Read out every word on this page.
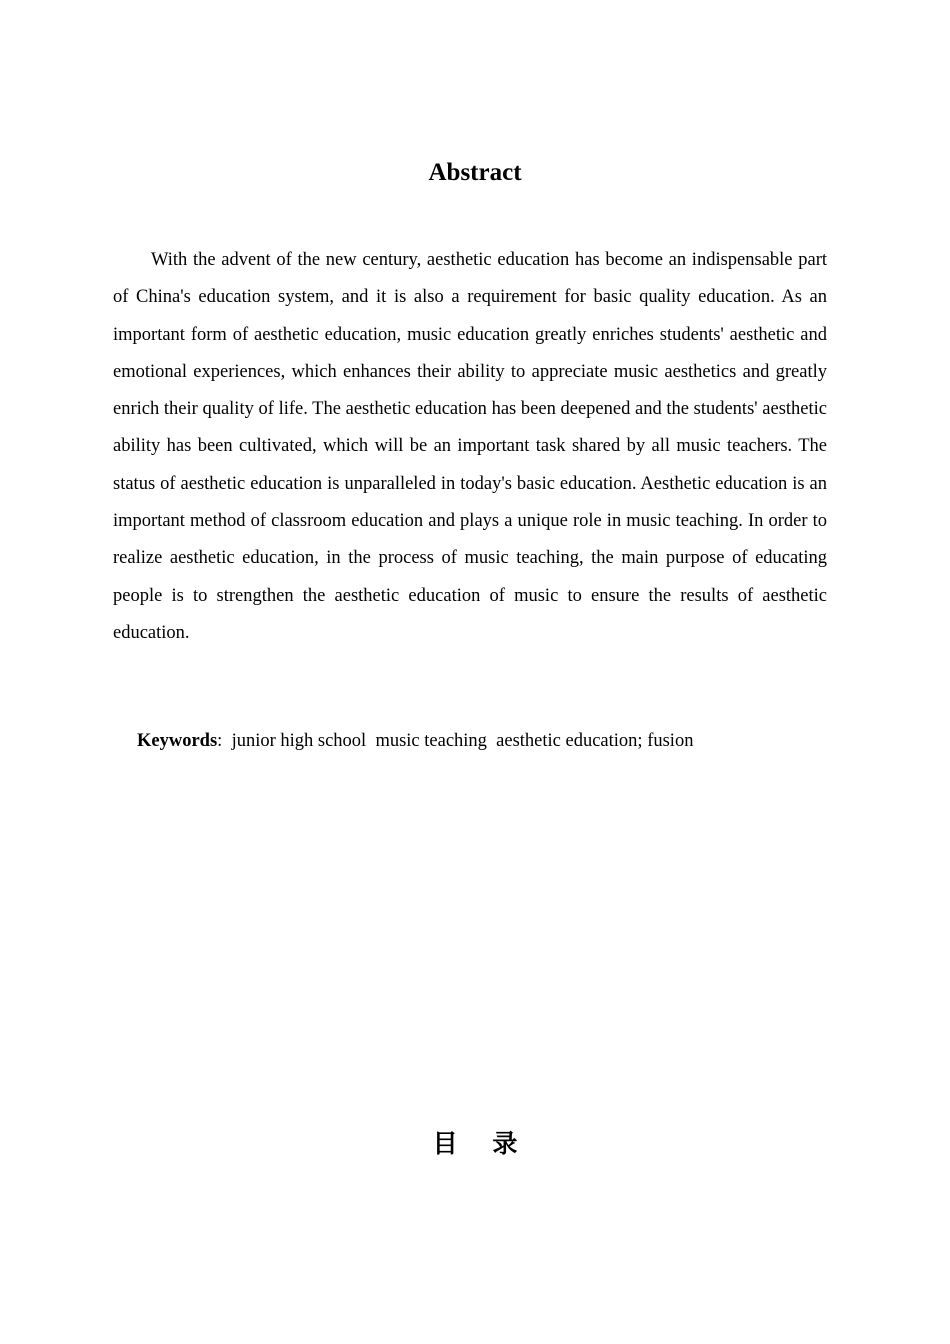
Abstract

With the advent of the new century, aesthetic education has become an indispensable part of China's education system, and it is also a requirement for basic quality education. As an important form of aesthetic education, music education greatly enriches students' aesthetic and emotional experiences, which enhances their ability to appreciate music aesthetics and greatly enrich their quality of life. The aesthetic education has been deepened and the students' aesthetic ability has been cultivated, which will be an important task shared by all music teachers. The status of aesthetic education is unparalleled in today's basic education. Aesthetic education is an important method of classroom education and plays a unique role in music teaching. In order to realize aesthetic education, in the process of music teaching, the main purpose of educating people is to strengthen the aesthetic education of music to ensure the results of aesthetic education.

Keywords:  junior high school  music teaching  aesthetic education; fusion
目    录
